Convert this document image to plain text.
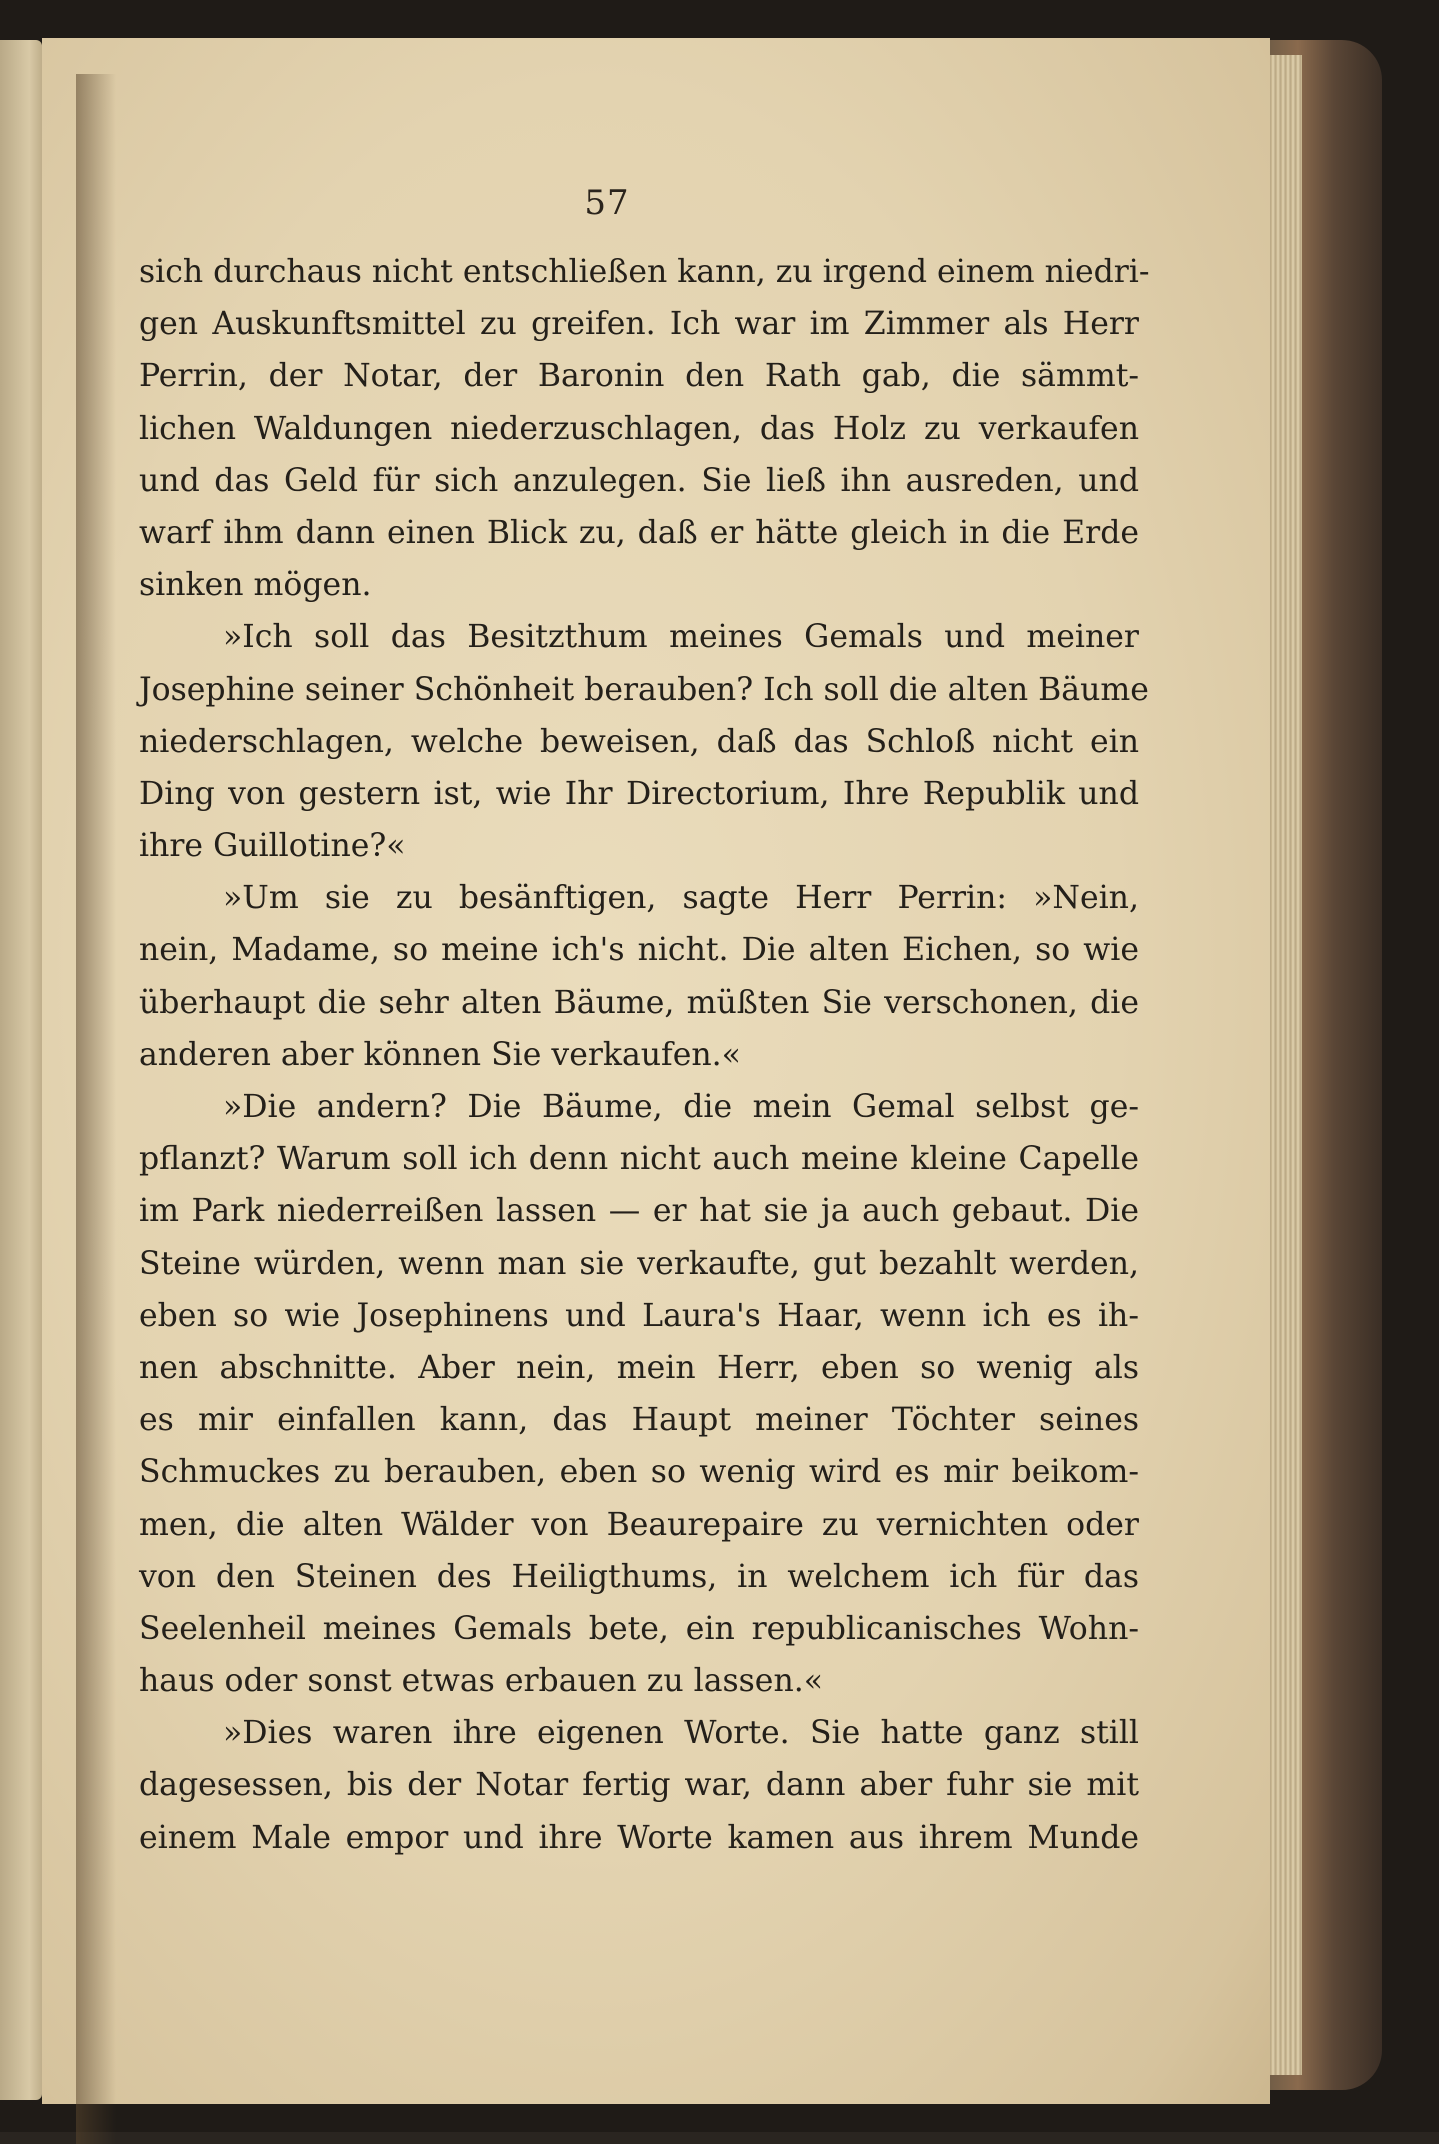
57
sich durchaus nicht entschließen kann, zu irgend einem niedri-
gen Auskunftsmittel zu greifen. Ich war im Zimmer als Herr
Perrin, der Notar, der Baronin den Rath gab, die sämmt-
lichen Waldungen niederzuschlagen, das Holz zu verkaufen
und das Geld für sich anzulegen. Sie ließ ihn ausreden, und
warf ihm dann einen Blick zu, daß er hätte gleich in die Erde
sinken mögen.
»Ich soll das Besitzthum meines Gemals und meiner
Josephine seiner Schönheit berauben? Ich soll die alten Bäume
niederschlagen, welche beweisen, daß das Schloß nicht ein
Ding von gestern ist, wie Ihr Directorium, Ihre Republik und
ihre Guillotine?«
»Um sie zu besänftigen, sagte Herr Perrin: »Nein,
nein, Madame, so meine ich's nicht. Die alten Eichen, so wie
überhaupt die sehr alten Bäume, müßten Sie verschonen, die
anderen aber können Sie verkaufen.«
»Die andern? Die Bäume, die mein Gemal selbst ge-
pflanzt? Warum soll ich denn nicht auch meine kleine Capelle
im Park niederreißen lassen — er hat sie ja auch gebaut. Die
Steine würden, wenn man sie verkaufte, gut bezahlt werden,
eben so wie Josephinens und Laura's Haar, wenn ich es ih-
nen abschnitte. Aber nein, mein Herr, eben so wenig als
es mir einfallen kann, das Haupt meiner Töchter seines
Schmuckes zu berauben, eben so wenig wird es mir beikom-
men, die alten Wälder von Beaurepaire zu vernichten oder
von den Steinen des Heiligthums, in welchem ich für das
Seelenheil meines Gemals bete, ein republicanisches Wohn-
haus oder sonst etwas erbauen zu lassen.«
»Dies waren ihre eigenen Worte. Sie hatte ganz still
dagesessen, bis der Notar fertig war, dann aber fuhr sie mit
einem Male empor und ihre Worte kamen aus ihrem Munde
